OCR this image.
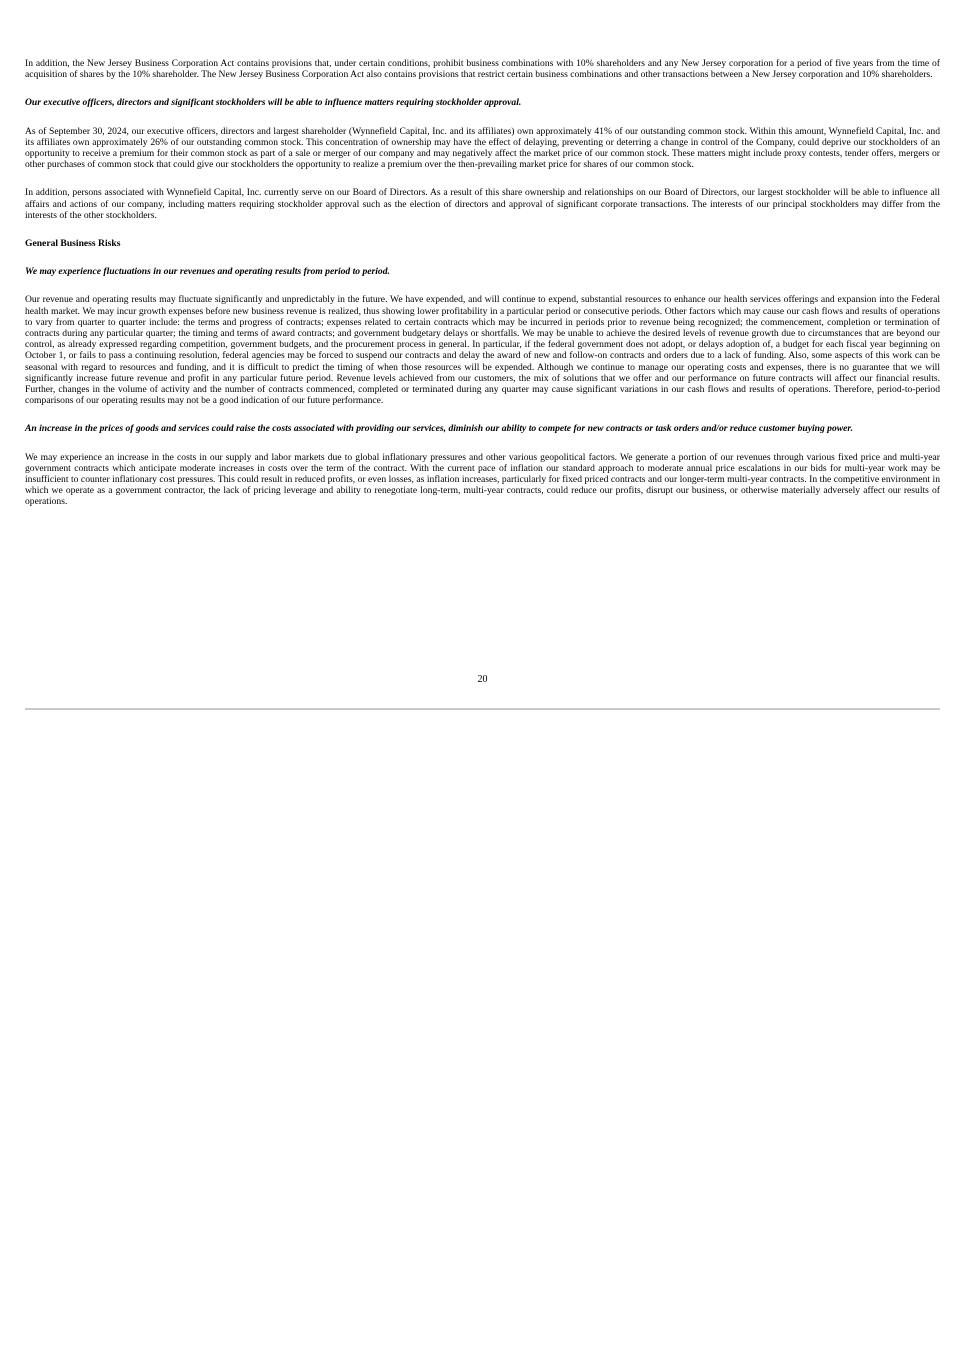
In addition, the New Jersey Business Corporation Act contains provisions that, under certain conditions, prohibit business combinations with 10% shareholders and any New Jersey corporation for a period of five years from the time of acquisition of shares by the 10% shareholder. The New Jersey Business Corporation Act also contains provisions that restrict certain business combinations and other transactions between a New Jersey corporation and 10% shareholders.

Our executive officers, directors and significant stockholders will be able to influence matters requiring stockholder approval.

As of September 30, 2024, our executive officers, directors and largest shareholder (Wynnefield Capital, Inc. and its affiliates) own approximately 41% of our outstanding common stock. Within this amount, Wynnefield Capital, Inc. and its affiliates own approximately 26% of our outstanding common stock. This concentration of ownership may have the effect of delaying, preventing or deterring a change in control of the Company, could deprive our stockholders of an opportunity to receive a premium for their common stock as part of a sale or merger of our company and may negatively affect the market price of our common stock. These matters might include proxy contests, tender offers, mergers or other purchases of common stock that could give our stockholders the opportunity to realize a premium over the then-prevailing market price for shares of our common stock.

In addition, persons associated with Wynnefield Capital, Inc. currently serve on our Board of Directors. As a result of this share ownership and relationships on our Board of Directors, our largest stockholder will be able to influence all affairs and actions of our company, including matters requiring stockholder approval such as the election of directors and approval of significant corporate transactions. The interests of our principal stockholders may differ from the interests of the other stockholders.

General Business Risks

We may experience fluctuations in our revenues and operating results from period to period.

Our revenue and operating results may fluctuate significantly and unpredictably in the future. We have expended, and will continue to expend, substantial resources to enhance our health services offerings and expansion into the Federal health market. We may incur growth expenses before new business revenue is realized, thus showing lower profitability in a particular period or consecutive periods. Other factors which may cause our cash flows and results of operations to vary from quarter to quarter include: the terms and progress of contracts; expenses related to certain contracts which may be incurred in periods prior to revenue being recognized; the commencement, completion or termination of contracts during any particular quarter; the timing and terms of award contracts; and government budgetary delays or shortfalls. We may be unable to achieve the desired levels of revenue growth due to circumstances that are beyond our control, as already expressed regarding competition, government budgets, and the procurement process in general. In particular, if the federal government does not adopt, or delays adoption of, a budget for each fiscal year beginning on October 1, or fails to pass a continuing resolution, federal agencies may be forced to suspend our contracts and delay the award of new and follow-on contracts and orders due to a lack of funding. Also, some aspects of this work can be seasonal with regard to resources and funding, and it is difficult to predict the timing of when those resources will be expended. Although we continue to manage our operating costs and expenses, there is no guarantee that we will significantly increase future revenue and profit in any particular future period. Revenue levels achieved from our customers, the mix of solutions that we offer and our performance on future contracts will affect our financial results. Further, changes in the volume of activity and the number of contracts commenced, completed or terminated during any quarter may cause significant variations in our cash flows and results of operations. Therefore, period-to-period comparisons of our operating results may not be a good indication of our future performance.

An increase in the prices of goods and services could raise the costs associated with providing our services, diminish our ability to compete for new contracts or task orders and/or reduce customer buying power.

We may experience an increase in the costs in our supply and labor markets due to global inflationary pressures and other various geopolitical factors. We generate a portion of our revenues through various fixed price and multi-year government contracts which anticipate moderate increases in costs over the term of the contract. With the current pace of inflation our standard approach to moderate annual price escalations in our bids for multi-year work may be insufficient to counter inflationary cost pressures. This could result in reduced profits, or even losses, as inflation increases, particularly for fixed priced contracts and our longer-term multi-year contracts. In the competitive environment in which we operate as a government contractor, the lack of pricing leverage and ability to renegotiate long-term, multi-year contracts, could reduce our profits, disrupt our business, or otherwise materially adversely affect our results of operations.

20
